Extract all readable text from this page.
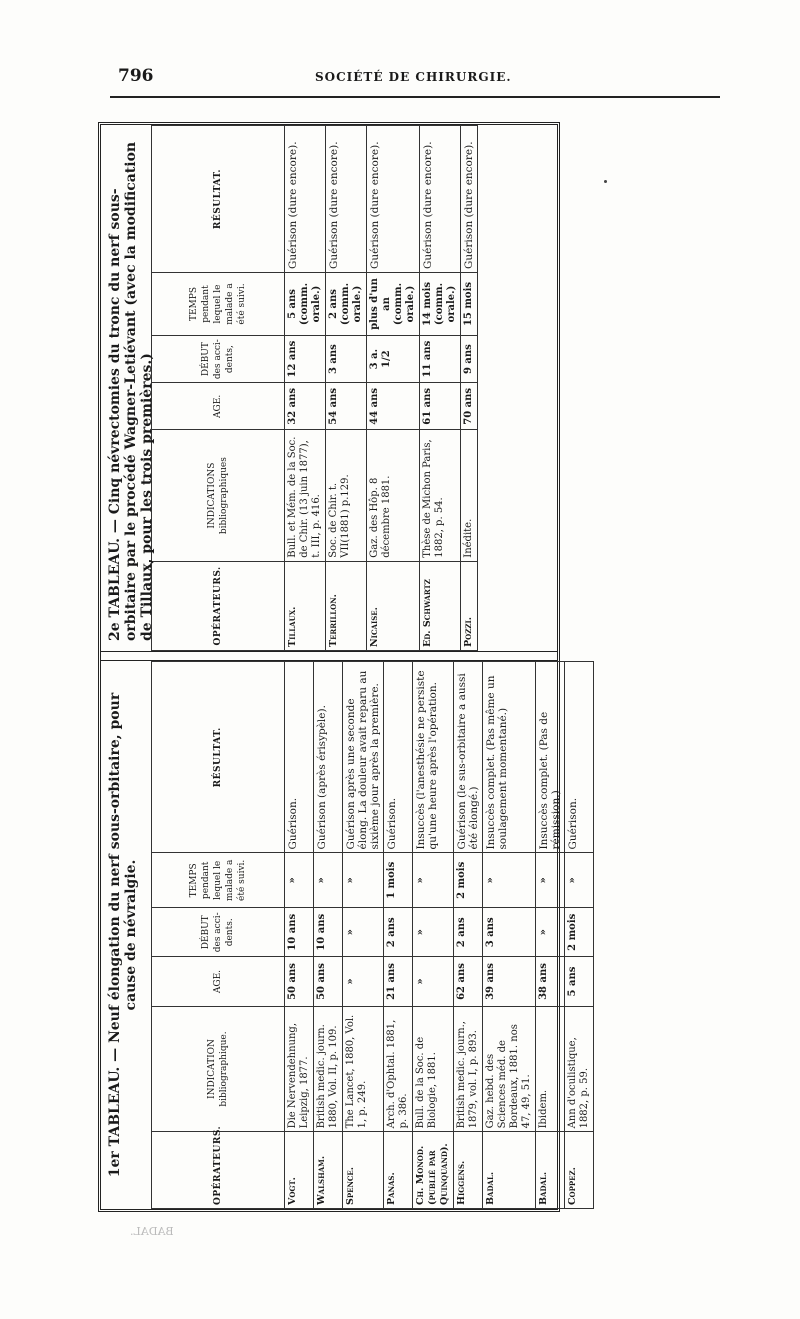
796	SOCIÉTÉ DE CHIRURGIE.
1er TABLEAU. — Neuf élongation du nerf sous-orbitaire, pour cause de névralgie.
OPÉRATEURS.	INDICATION bibliographique.	AGE.	DÉBUT des acci-dents.	TEMPS pendant lequel le malade a été suivi.	RÉSULTAT.
Vogt.	Die Nervendehnung, Leipzig, 1877.	50 ans	10 ans	»	Guérison.
Walsham.	British medic. journ. 1880, Vol. II, p. 109.	50 ans	10 ans	»	Guérison (après érisypèle).
Spence.	The Lancet, 1880, Vol. 1, p. 249.	»	»	»	Guérison après une seconde élong. La douleur avait reparu au sixième jour après la première.
Panas.	Arch. d'Ophtal. 1881, p. 386.	21 ans	2 ans	1 mois	Guérison.
Ch. Monod. (publié par Quinquand).	Bull. de la Soc. de Biologie, 1881.	»	»	»	Insuccès (l'anesthésie ne persiste qu'une heure après l'opération.
Higgens.	British medic. journ., 1879, vol. I, p. 893.	62 ans	2 ans	2 mois	Guérison (le sus-orbitaire a aussi été élongé.)
Badal.	Gaz. hebd. des Sciences méd. de Bordeaux, 1881. nos 47, 49, 51.	39 ans	3 ans	»	Insuccès complet. (Pas même un soulagement momentané.)
Badal.	Ibidem.	38 ans	»	»	Insuccès complet. (Pas de rémission.)
Coppez.	Ann d'oculistique, 1882, p. 59.	5 ans	2 mois	»	Guérison.
2e TABLEAU. — Cinq névrectomies du tronc du nerf sous-orbitaire par le procédé Wagner-Letiévant (avec la modification de Tillaux, pour les trois premières.)	OPÉRATEURS.	INDICATIONS bibliographiques	AGE.	DÉBUT des acci-dents,	TEMPS pendant lequel le malade a été suivi.	RÉSULTAT.
Tillaux.	Bull. et Mém. de la Soc. de Chir. (13 juin 1877), t. III, p. 416.	32 ans	12 ans	5 ans (comm. orale.)	Guérison (dure encore).
Terrillon.	Soc. de Chir. t. VII(1881) p.129.	54 ans	3 ans	2 ans (comm. orale.)	Guérison (dure encore).
Nicaise.	Gaz. des Hôp. 8 décembre 1881.	44 ans	3 a. 1/2	plus d'un an (comm. orale.)	Guérison (dure encore).
Ed. Schwartz	Thèse de Michon Paris, 1882, p. 54.	61 ans	11 ans	14 mois (comm. orale.)	Guérison (dure encore).
Pozzi.	Inédite.	70 ans	9 ans	15 mois	Guérison (dure encore).
BADAL.
